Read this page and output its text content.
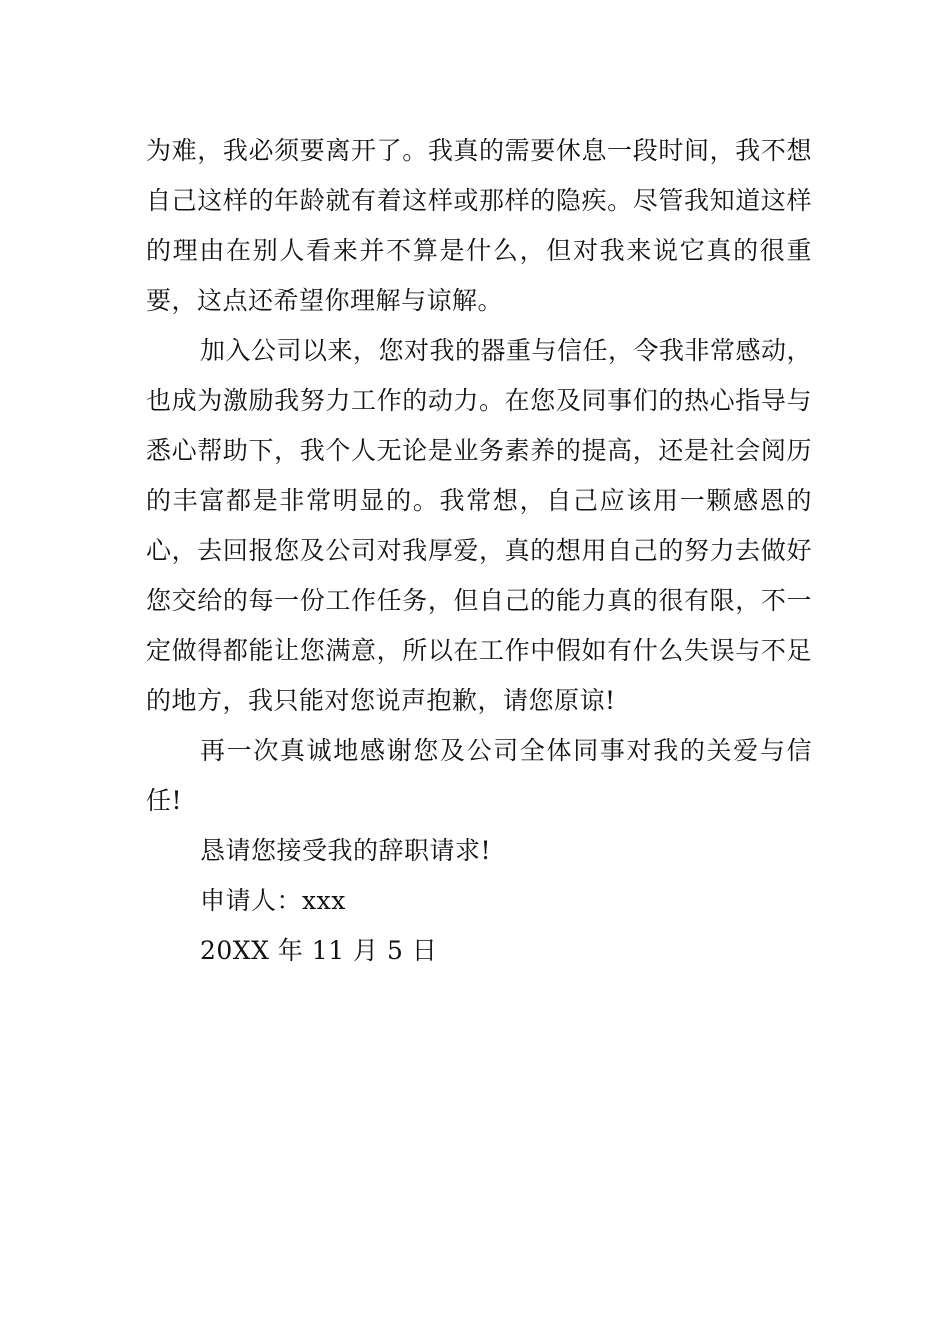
为难，我必须要离开了。我真的需要休息一段时间，我不想自己这样的年龄就有着这样或那样的隐疾。尽管我知道这样的理由在别人看来并不算是什么，但对我来说它真的很重要，这点还希望你理解与谅解。

加入公司以来，您对我的器重与信任，令我非常感动，也成为激励我努力工作的动力。在您及同事们的热心指导与悉心帮助下，我个人无论是业务素养的提高，还是社会阅历的丰富都是非常明显的。我常想，自己应该用一颗感恩的心，去回报您及公司对我厚爱，真的想用自己的努力去做好您交给的每一份工作任务，但自己的能力真的很有限，不一定做得都能让您满意，所以在工作中假如有什么失误与不足的地方，我只能对您说声抱歉，请您原谅!

再一次真诚地感谢您及公司全体同事对我的关爱与信任!

恳请您接受我的辞职请求!

申请人：xxx

20XX 年 11 月 5 日
